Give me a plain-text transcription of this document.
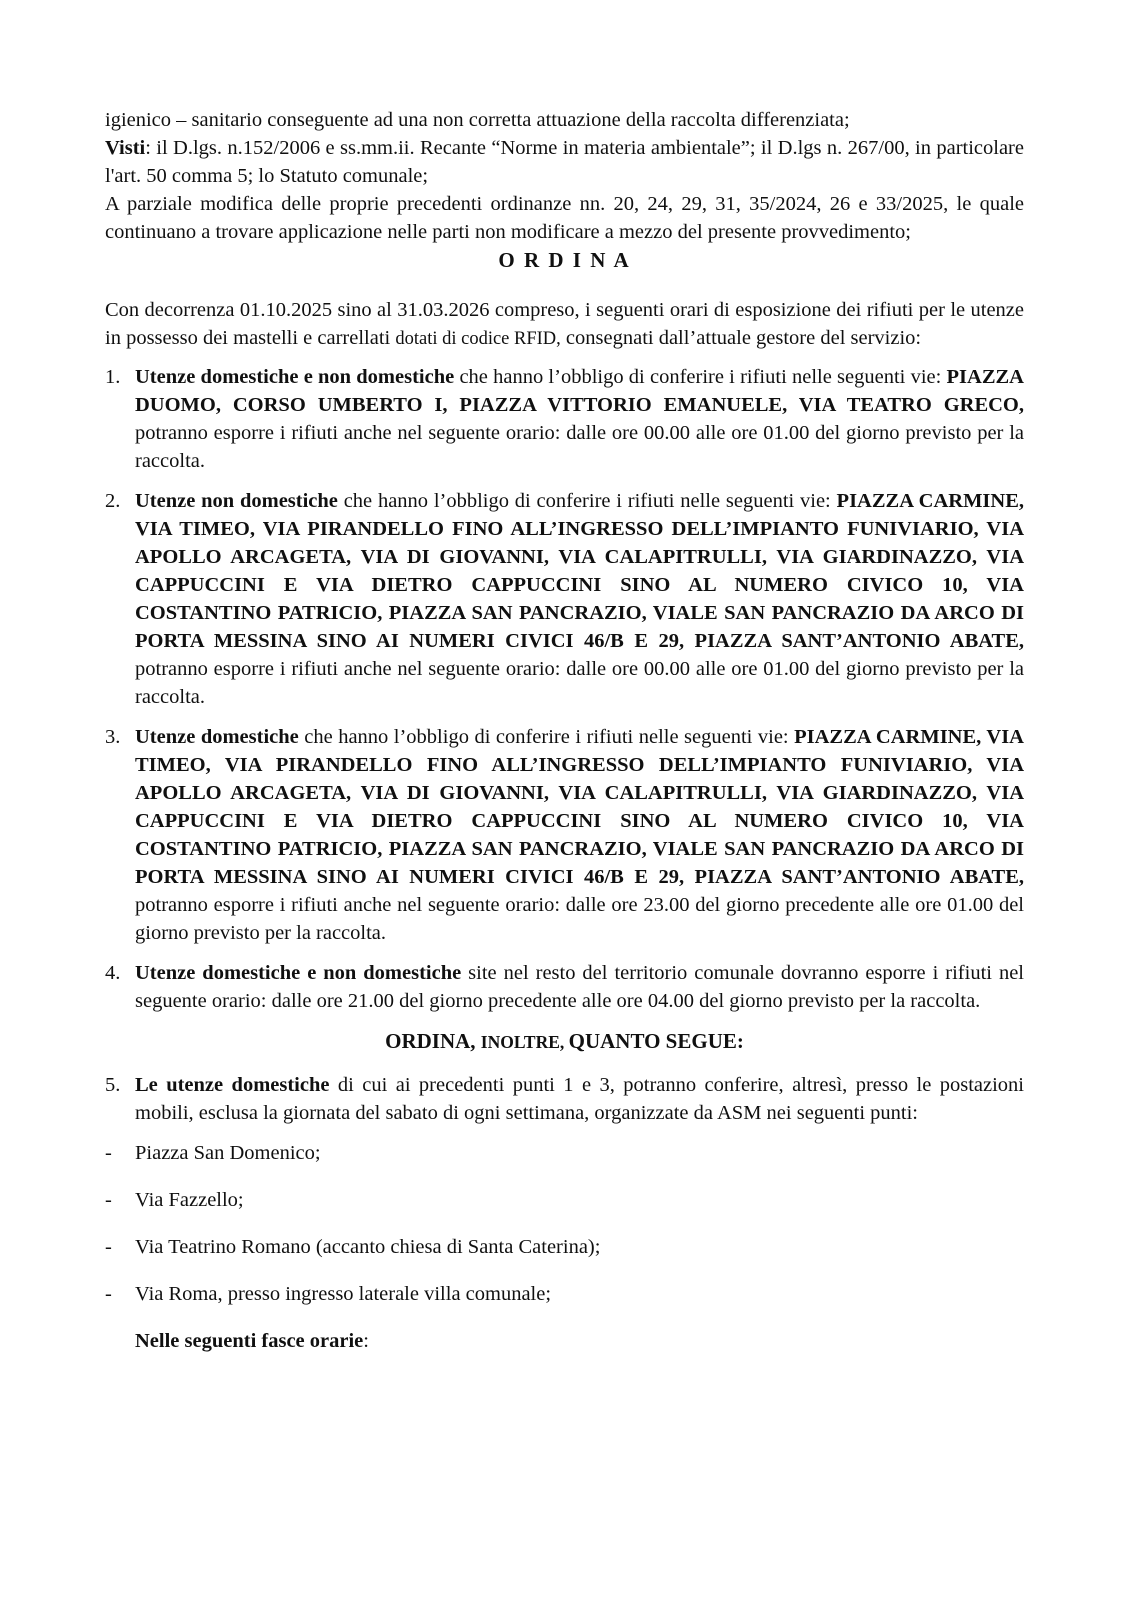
igienico – sanitario conseguente ad una non corretta attuazione della raccolta differenziata;

Visti: il D.lgs. n.152/2006 e ss.mm.ii. Recante “Norme in materia ambientale”; il D.lgs n. 267/00, in particolare l'art. 50 comma 5; lo Statuto comunale;

A parziale modifica delle proprie precedenti ordinanze nn. 20, 24, 29, 31, 35/2024, 26 e 33/2025, le quale continuano a trovare applicazione nelle parti non modificare a mezzo del presente provvedimento;

O R D I N A

Con decorrenza 01.10.2025 sino al 31.03.2026 compreso, i seguenti orari di esposizione dei rifiuti per le utenze in possesso dei mastelli e carrellati dotati di codice RFID, consegnati dall’attuale gestore del servizio:

1. Utenze domestiche e non domestiche che hanno l’obbligo di conferire i rifiuti nelle seguenti vie: PIAZZA DUOMO, CORSO UMBERTO I, PIAZZA VITTORIO EMANUELE, VIA TEATRO GRECO, potranno esporre i rifiuti anche nel seguente orario: dalle ore 00.00 alle ore 01.00 del giorno previsto per la raccolta.

2. Utenze non domestiche che hanno l’obbligo di conferire i rifiuti nelle seguenti vie: PIAZZA CARMINE, VIA TIMEO, VIA PIRANDELLO FINO ALL’INGRESSO DELL’IMPIANTO FUNIVIARIO, VIA APOLLO ARCAGETA, VIA DI GIOVANNI, VIA CALAPITRULLI, VIA GIARDINAZZO, VIA CAPPUCCINI E VIA DIETRO CAPPUCCINI SINO AL NUMERO CIVICO 10, VIA COSTANTINO PATRICIO, PIAZZA SAN PANCRAZIO, VIALE SAN PANCRAZIO DA ARCO DI PORTA MESSINA SINO AI NUMERI CIVICI 46/B E 29, PIAZZA SANT’ANTONIO ABATE, potranno esporre i rifiuti anche nel seguente orario: dalle ore 00.00 alle ore 01.00 del giorno previsto per la raccolta.

3. Utenze domestiche che hanno l’obbligo di conferire i rifiuti nelle seguenti vie: PIAZZA CARMINE, VIA TIMEO, VIA PIRANDELLO FINO ALL’INGRESSO DELL’IMPIANTO FUNIVIARIO, VIA APOLLO ARCAGETA, VIA DI GIOVANNI, VIA CALAPITRULLI, VIA GIARDINAZZO, VIA CAPPUCCINI E VIA DIETRO CAPPUCCINI SINO AL NUMERO CIVICO 10, VIA COSTANTINO PATRICIO, PIAZZA SAN PANCRAZIO, VIALE SAN PANCRAZIO DA ARCO DI PORTA MESSINA SINO AI NUMERI CIVICI 46/B E 29, PIAZZA SANT’ANTONIO ABATE, potranno esporre i rifiuti anche nel seguente orario: dalle ore 23.00 del giorno precedente alle ore 01.00 del giorno previsto per la raccolta.

4. Utenze domestiche e non domestiche site nel resto del territorio comunale dovranno esporre i rifiuti nel seguente orario: dalle ore 21.00 del giorno precedente alle ore 04.00 del giorno previsto per la raccolta.

ORDINA, INOLTRE, QUANTO SEGUE:

5. Le utenze domestiche di cui ai precedenti punti 1 e 3, potranno conferire, altresì, presso le postazioni mobili, esclusa la giornata del sabato di ogni settimana, organizzate da ASM nei seguenti punti:

-	Piazza San Domenico;

-	Via Fazzello;

-	Via Teatrino Romano (accanto chiesa di Santa Caterina);

-	Via Roma, presso ingresso laterale villa comunale;

Nelle seguenti fasce orarie:
